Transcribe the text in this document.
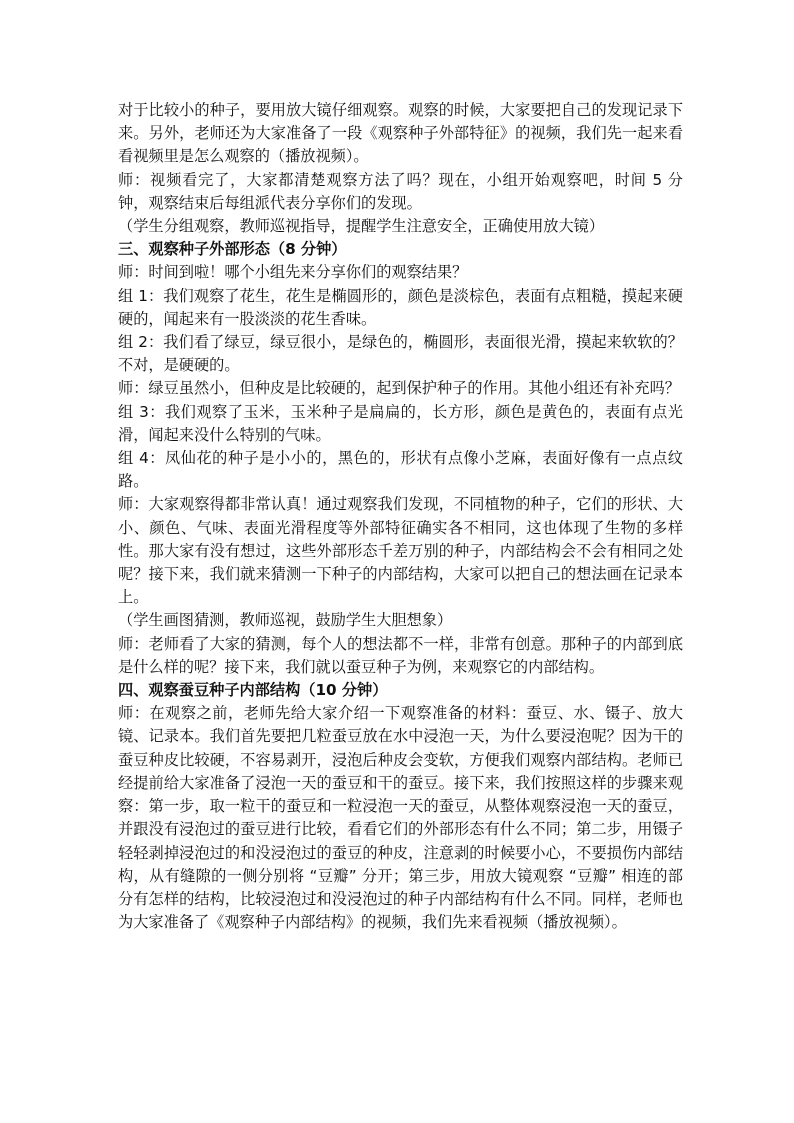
对于比较小的种子，要用放大镜仔细观察。观察的时候，大家要把自己的发现记录下来。另外，老师还为大家准备了一段《观察种子外部特征》的视频，我们先一起来看看视频里是怎么观察的（播放视频）。

师：视频看完了，大家都清楚观察方法了吗？现在，小组开始观察吧，时间 5 分钟，观察结束后每组派代表分享你们的发现。

（学生分组观察，教师巡视指导，提醒学生注意安全，正确使用放大镜）

三、观察种子外部形态（8 分钟）

师：时间到啦！哪个小组先来分享你们的观察结果？

组 1：我们观察了花生，花生是椭圆形的，颜色是淡棕色，表面有点粗糙，摸起来硬硬的，闻起来有一股淡淡的花生香味。

组 2：我们看了绿豆，绿豆很小，是绿色的，椭圆形，表面很光滑，摸起来软软的？不对，是硬硬的。

师：绿豆虽然小，但种皮是比较硬的，起到保护种子的作用。其他小组还有补充吗？

组 3：我们观察了玉米，玉米种子是扁扁的，长方形，颜色是黄色的，表面有点光滑，闻起来没什么特别的气味。

组 4：凤仙花的种子是小小的，黑色的，形状有点像小芝麻，表面好像有一点点纹路。

师：大家观察得都非常认真！通过观察我们发现，不同植物的种子，它们的形状、大小、颜色、气味、表面光滑程度等外部特征确实各不相同，这也体现了生物的多样性。那大家有没有想过，这些外部形态千差万别的种子，内部结构会不会有相同之处呢？接下来，我们就来猜测一下种子的内部结构，大家可以把自己的想法画在记录本上。

（学生画图猜测，教师巡视，鼓励学生大胆想象）

师：老师看了大家的猜测，每个人的想法都不一样，非常有创意。那种子的内部到底是什么样的呢？接下来，我们就以蚕豆种子为例，来观察它的内部结构。

四、观察蚕豆种子内部结构（10 分钟）

师：在观察之前，老师先给大家介绍一下观察准备的材料：蚕豆、水、镊子、放大镜、记录本。我们首先要把几粒蚕豆放在水中浸泡一天，为什么要浸泡呢？因为干的蚕豆种皮比较硬，不容易剥开，浸泡后种皮会变软，方便我们观察内部结构。老师已经提前给大家准备了浸泡一天的蚕豆和干的蚕豆。接下来，我们按照这样的步骤来观察：第一步，取一粒干的蚕豆和一粒浸泡一天的蚕豆，从整体观察浸泡一天的蚕豆，并跟没有浸泡过的蚕豆进行比较，看看它们的外部形态有什么不同；第二步，用镊子轻轻剥掉浸泡过的和没浸泡过的蚕豆的种皮，注意剥的时候要小心，不要损伤内部结构，从有缝隙的一侧分别将 “豆瓣” 分开；第三步，用放大镜观察 “豆瓣” 相连的部分有怎样的结构，比较浸泡过和没浸泡过的种子内部结构有什么不同。同样，老师也为大家准备了《观察种子内部结构》的视频，我们先来看视频（播放视频）。
